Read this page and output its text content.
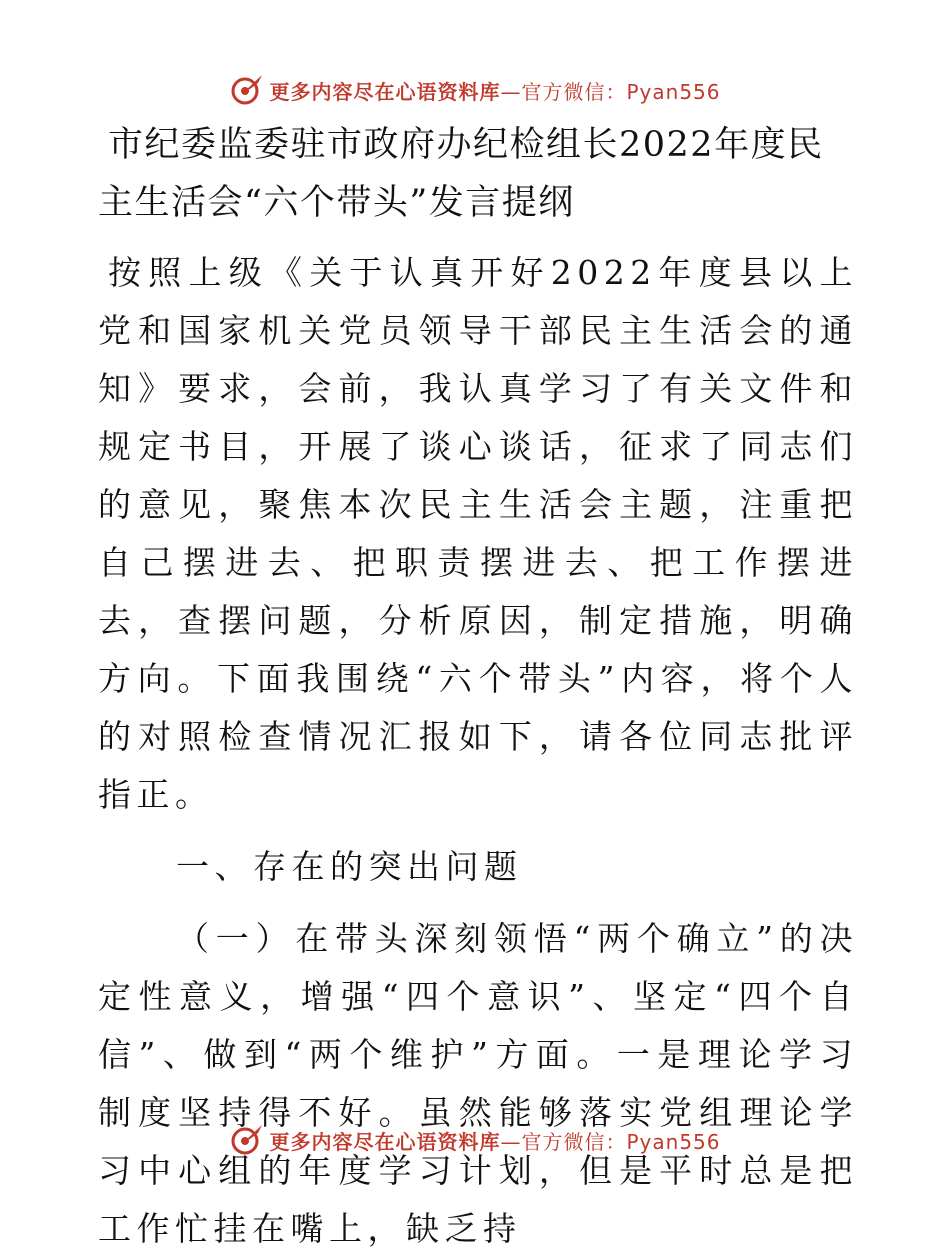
更多内容尽在心语资料库—官方微信：Pyan556
市纪委监委驻市政府办纪检组长2022年度民主生活会“六个带头”发言提纲

按照上级《关于认真开好2022年度县以上党和国家机关党员领导干部民主生活会的通知》要求，会前，我认真学习了有关文件和规定书目，开展了谈心谈话，征求了同志们的意见，聚焦本次民主生活会主题，注重把自己摆进去、把职责摆进去、把工作摆进去，查摆问题，分析原因，制定措施，明确方向。下面我围绕“六个带头”内容，将个人的对照检查情况汇报如下，请各位同志批评指正。

一、存在的突出问题

（一）在带头深刻领悟“两个确立”的决定性意义，增强“四个意识”、坚定“四个自信”、做到“两个维护”方面。一是理论学习制度坚持得不好。虽然能够落实党组理论学习中心组的年度学习计划，但是平时总是把工作忙挂在嘴上，缺乏持

更多内容尽在心语资料库—官方微信：Pyan556
